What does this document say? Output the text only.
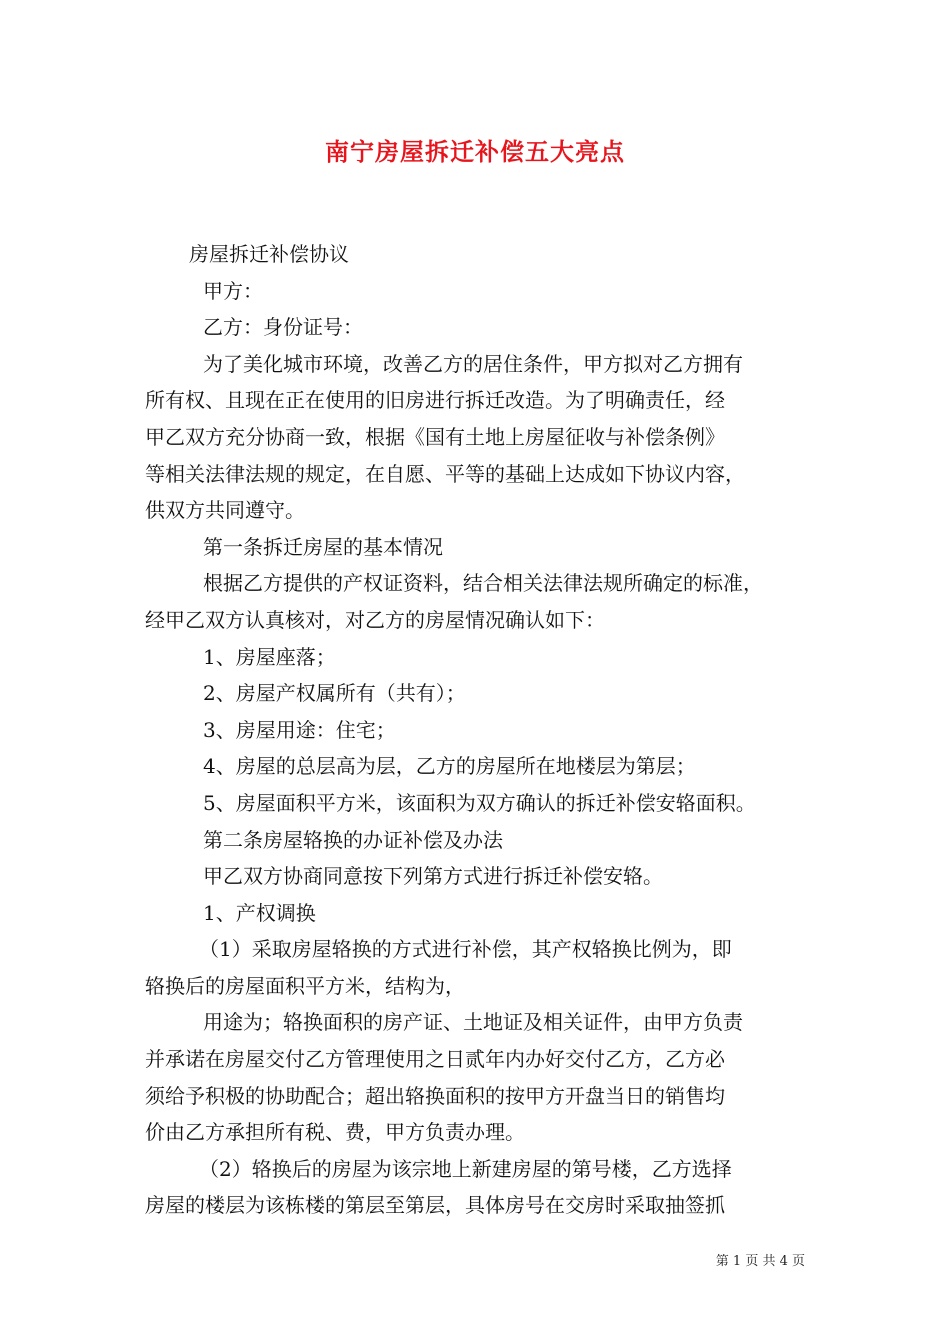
南宁房屋拆迁补偿五大亮点
房屋拆迁补偿协议
甲方：
乙方：身份证号：
为了美化城市环境，改善乙方的居住条件，甲方拟对乙方拥有
所有权、且现在正在使用的旧房进行拆迁改造。为了明确责任，经
甲乙双方充分协商一致，根据《国有土地上房屋征收与补偿条例》
等相关法律法规的规定，在自愿、平等的基础上达成如下协议内容，
供双方共同遵守。
第一条拆迁房屋的基本情况
根据乙方提供的产权证资料，结合相关法律法规所确定的标准，
经甲乙双方认真核对，对乙方的房屋情况确认如下：
1、房屋座落；
2、房屋产权属所有（共有）；
3、房屋用途：住宅；
4、房屋的总层高为层，乙方的房屋所在地楼层为第层；
5、房屋面积平方米，该面积为双方确认的拆迁补偿安辂面积。
第二条房屋辂换的办证补偿及办法
甲乙双方协商同意按下列第方式进行拆迁补偿安辂。
1、产权调换
（1）采取房屋辂换的方式进行补偿，其产权辂换比例为，即
辂换后的房屋面积平方米，结构为，
用途为；辂换面积的房产证、土地证及相关证件，由甲方负责
并承诺在房屋交付乙方管理使用之日贰年内办好交付乙方，乙方必
须给予积极的协助配合；超出辂换面积的按甲方开盘当日的销售均
价由乙方承担所有税、费，甲方负责办理。
（2）辂换后的房屋为该宗地上新建房屋的第号楼，乙方选择
房屋的楼层为该栋楼的第层至第层，具体房号在交房时采取抽签抓
第 1 页 共 4 页
